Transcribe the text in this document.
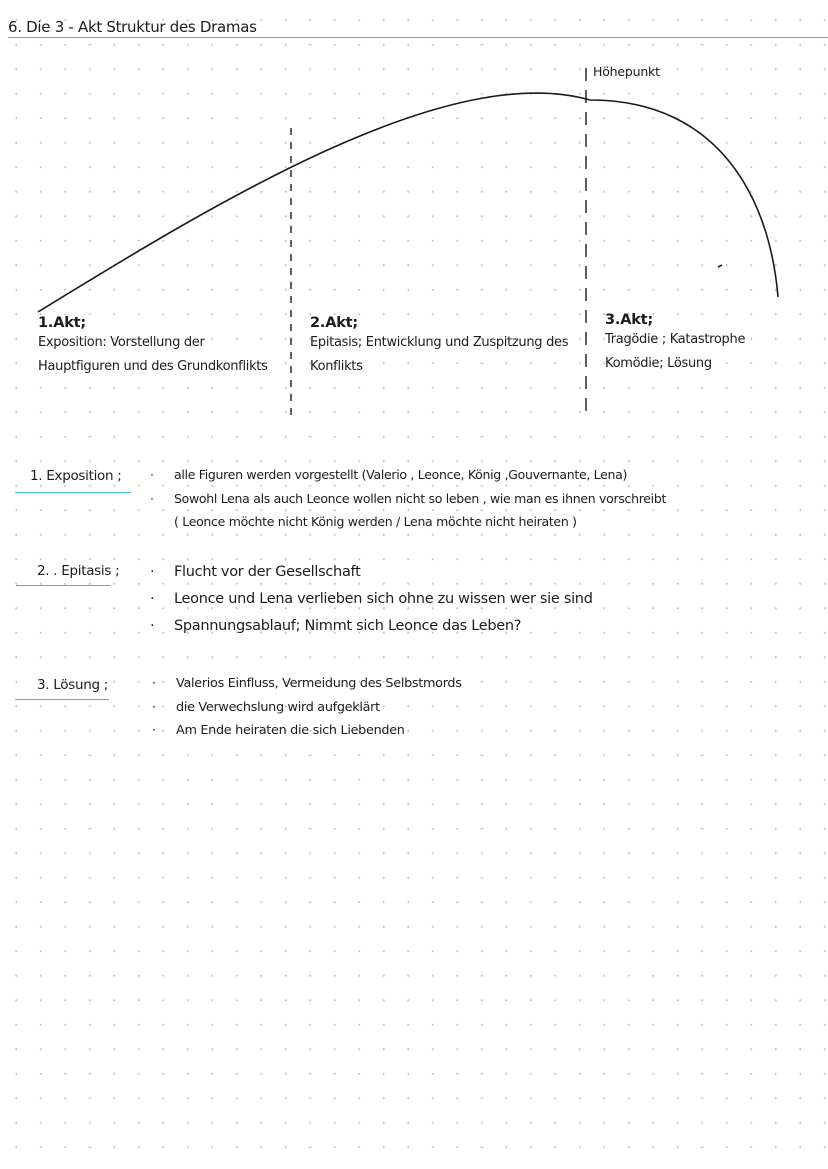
6. Die 3 - Akt Struktur des Dramas
Höhepunkt
1.Akt;
Exposition: Vorstellung der
Hauptfiguren und des Grundkonflikts
2.Akt;
Epitasis; Entwicklung und Zuspitzung des
Konflikts
3.Akt;
Tragödie ; Katastrophe
Komödie; Lösung
1. Exposition ; · alle Figuren werden vorgestellt (Valerio , Leonce, König ,Gouvernante, Lena)
· Sowohl Lena als auch Leonce wollen nicht so leben , wie man es ihnen vorschreibt
( Leonce möchte nicht König werden / Lena möchte nicht heiraten )
2. . Epitasis ; · Flucht vor der Gesellschaft
· Leonce und Lena verlieben sich ohne zu wissen wer sie sind
· Spannungsablauf; Nimmt sich Leonce das Leben?
3. Lösung ;	· Valerios Einfluss, Vermeidung des Selbstmords
· die Verwechslung wird aufgeklärt
· Am Ende heiraten die sich Liebenden
